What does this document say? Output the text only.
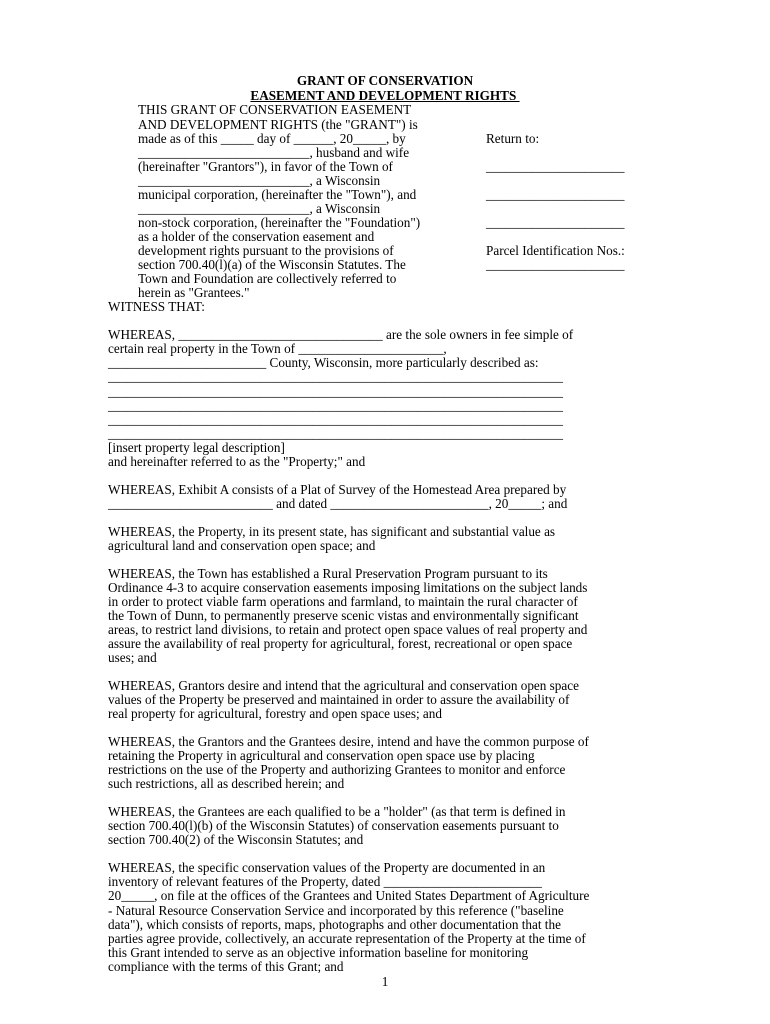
GRANT OF CONSERVATION
EASEMENT AND DEVELOPMENT RIGHTS
THIS GRANT OF CONSERVATION EASEMENT
AND DEVELOPMENT RIGHTS (the "GRANT") is
made as of this _____ day of ______, 20_____, by
__________________________, husband and wife
(hereinafter "Grantors"), in favor of the Town of
__________________________, a Wisconsin
municipal corporation, (hereinafter the "Town"), and
__________________________, a Wisconsin
non-stock corporation, (hereinafter the "Foundation")
as a holder of the conservation easement and
development rights pursuant to the provisions of
section 700.40(l)(a) of the Wisconsin Statutes. The
Town and Foundation are collectively referred to
herein as "Grantees."
Return to:
_____________________
_____________________
_____________________
Parcel Identification Nos.:
_____________________
WITNESS THAT:
WHEREAS, _______________________________ are the sole owners in fee simple of
certain real property in the Town of ______________________,
________________________ County, Wisconsin, more particularly described as:
_____________________________________________________________________
_____________________________________________________________________
_____________________________________________________________________
_____________________________________________________________________
_____________________________________________________________________
[insert property legal description]
and hereinafter referred to as the "Property;" and
WHEREAS, Exhibit A consists of a Plat of Survey of the Homestead Area prepared by
_________________________ and dated ________________________, 20_____; and
WHEREAS, the Property, in its present state, has significant and substantial value as
agricultural land and conservation open space; and
WHEREAS, the Town has established a Rural Preservation Program pursuant to its
Ordinance 4-3 to acquire conservation easements imposing limitations on the subject lands
in order to protect viable farm operations and farmland, to maintain the rural character of
the Town of Dunn, to permanently preserve scenic vistas and environmentally significant
areas, to restrict land divisions, to retain and protect open space values of real property and
assure the availability of real property for agricultural, forest, recreational or open space
uses; and
WHEREAS, Grantors desire and intend that the agricultural and conservation open space
values of the Property be preserved and maintained in order to assure the availability of
real property for agricultural, forestry and open space uses; and
WHEREAS, the Grantors and the Grantees desire, intend and have the common purpose of
retaining the Property in agricultural and conservation open space use by placing
restrictions on the use of the Property and authorizing Grantees to monitor and enforce
such restrictions, all as described herein; and
WHEREAS, the Grantees are each qualified to be a "holder" (as that term is defined in
section 700.40(l)(b) of the Wisconsin Statutes) of conservation easements pursuant to
section 700.40(2) of the Wisconsin Statutes; and
WHEREAS, the specific conservation values of the Property are documented in an
inventory of relevant features of the Property, dated ________________________
20_____, on file at the offices of the Grantees and United States Department of Agriculture
- Natural Resource Conservation Service and incorporated by this reference ("baseline
data"), which consists of reports, maps, photographs and other documentation that the
parties agree provide, collectively, an accurate representation of the Property at the time of
this Grant intended to serve as an objective information baseline for monitoring
compliance with the terms of this Grant; and
1
